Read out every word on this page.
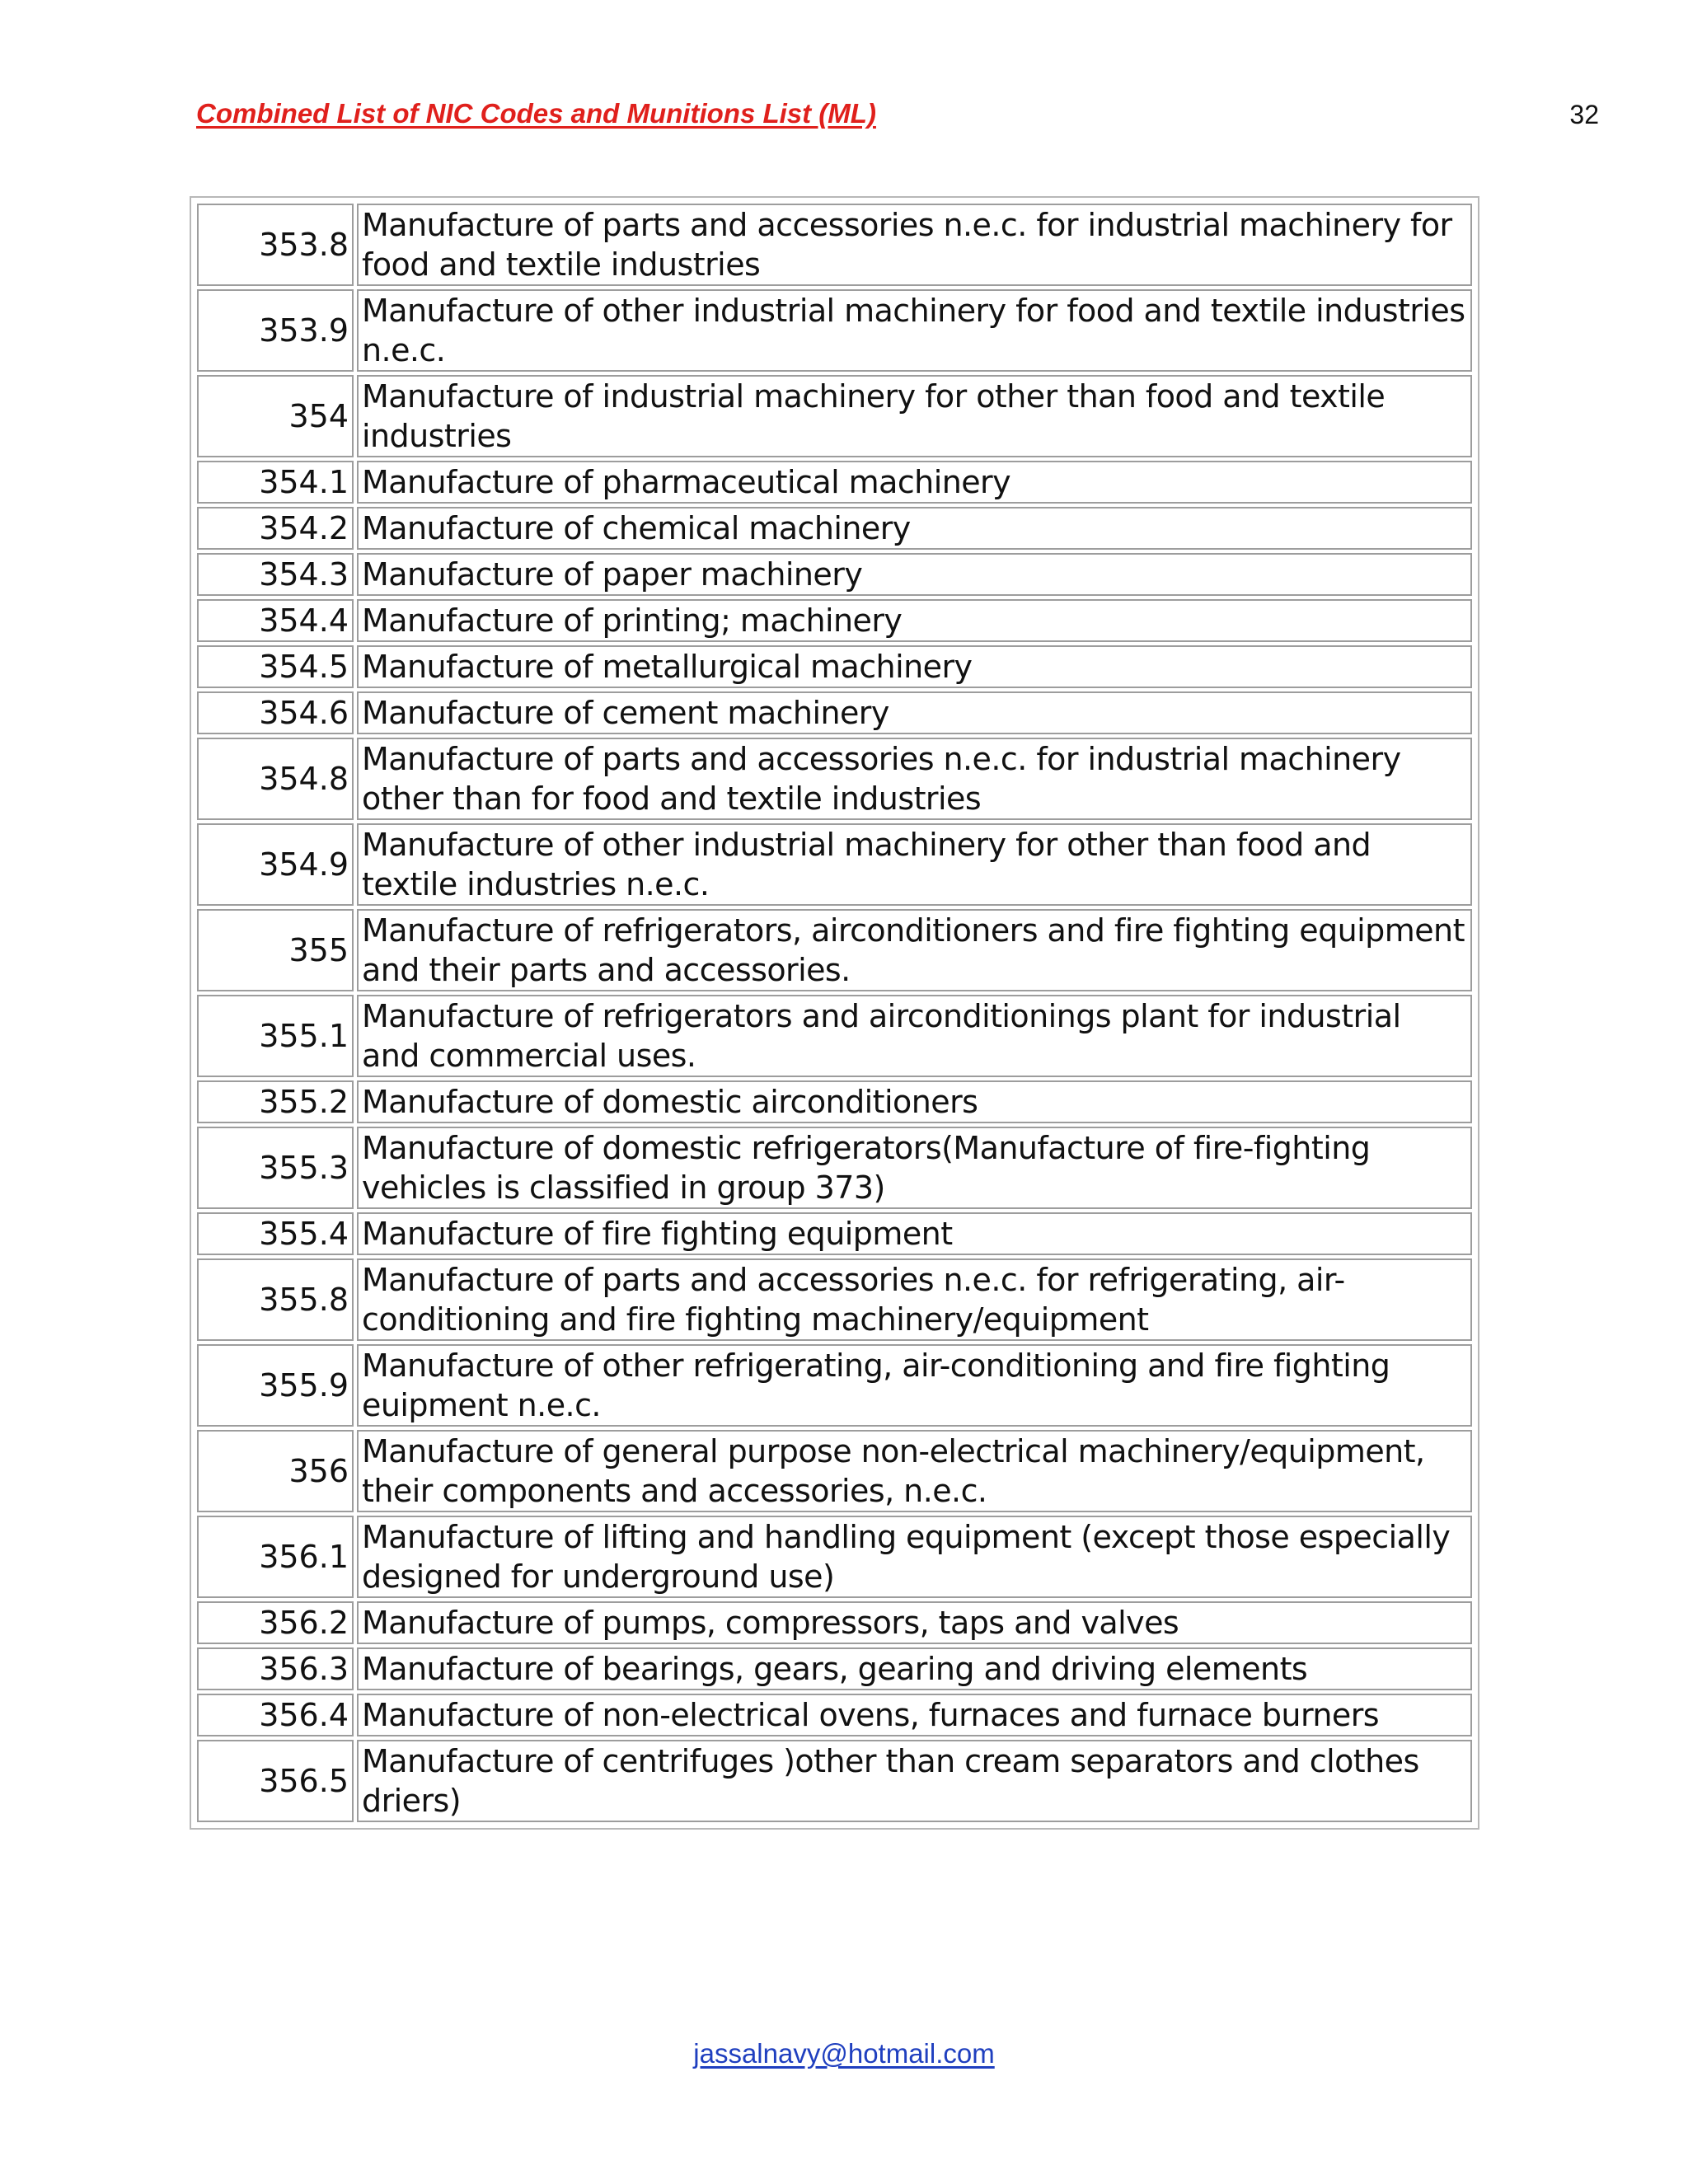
Combined List of NIC Codes and Munitions List (ML)	32
353.8	Manufacture of parts and accessories n.e.c. for industrial machinery for food and textile industries
353.9	Manufacture of other industrial machinery for food and textile industries n.e.c.
354	Manufacture of industrial machinery for other than food and textile industries
354.1	Manufacture of pharmaceutical machinery
354.2	Manufacture of chemical machinery
354.3	Manufacture of paper machinery
354.4	Manufacture of printing; machinery
354.5	Manufacture of metallurgical machinery
354.6	Manufacture of cement machinery
354.8	Manufacture of parts and accessories n.e.c. for industrial machinery other than for food and textile industries
354.9	Manufacture of other industrial machinery for other than food and textile industries n.e.c.
355	Manufacture of refrigerators, airconditioners and fire fighting equipment and their parts and accessories.
355.1	Manufacture of refrigerators and airconditionings plant for industrial and commercial uses.
355.2	Manufacture of domestic airconditioners
355.3	Manufacture of domestic refrigerators(Manufacture of fire-fighting vehicles is classified in group 373)
355.4	Manufacture of fire fighting equipment
355.8	Manufacture of parts and accessories n.e.c. for refrigerating, air-conditioning and fire fighting machinery/equipment
355.9	Manufacture of other refrigerating, air-conditioning and fire fighting euipment n.e.c.
356	Manufacture of general purpose non-electrical machinery/equipment, their components and accessories, n.e.c.
356.1	Manufacture of lifting and handling equipment (except those especially designed for underground use)
356.2	Manufacture of pumps, compressors, taps and valves
356.3	Manufacture of bearings, gears, gearing and driving elements
356.4	Manufacture of non-electrical ovens, furnaces and furnace burners
356.5	Manufacture of centrifuges )other than cream separators and clothes driers)
jassalnavy@hotmail.com
